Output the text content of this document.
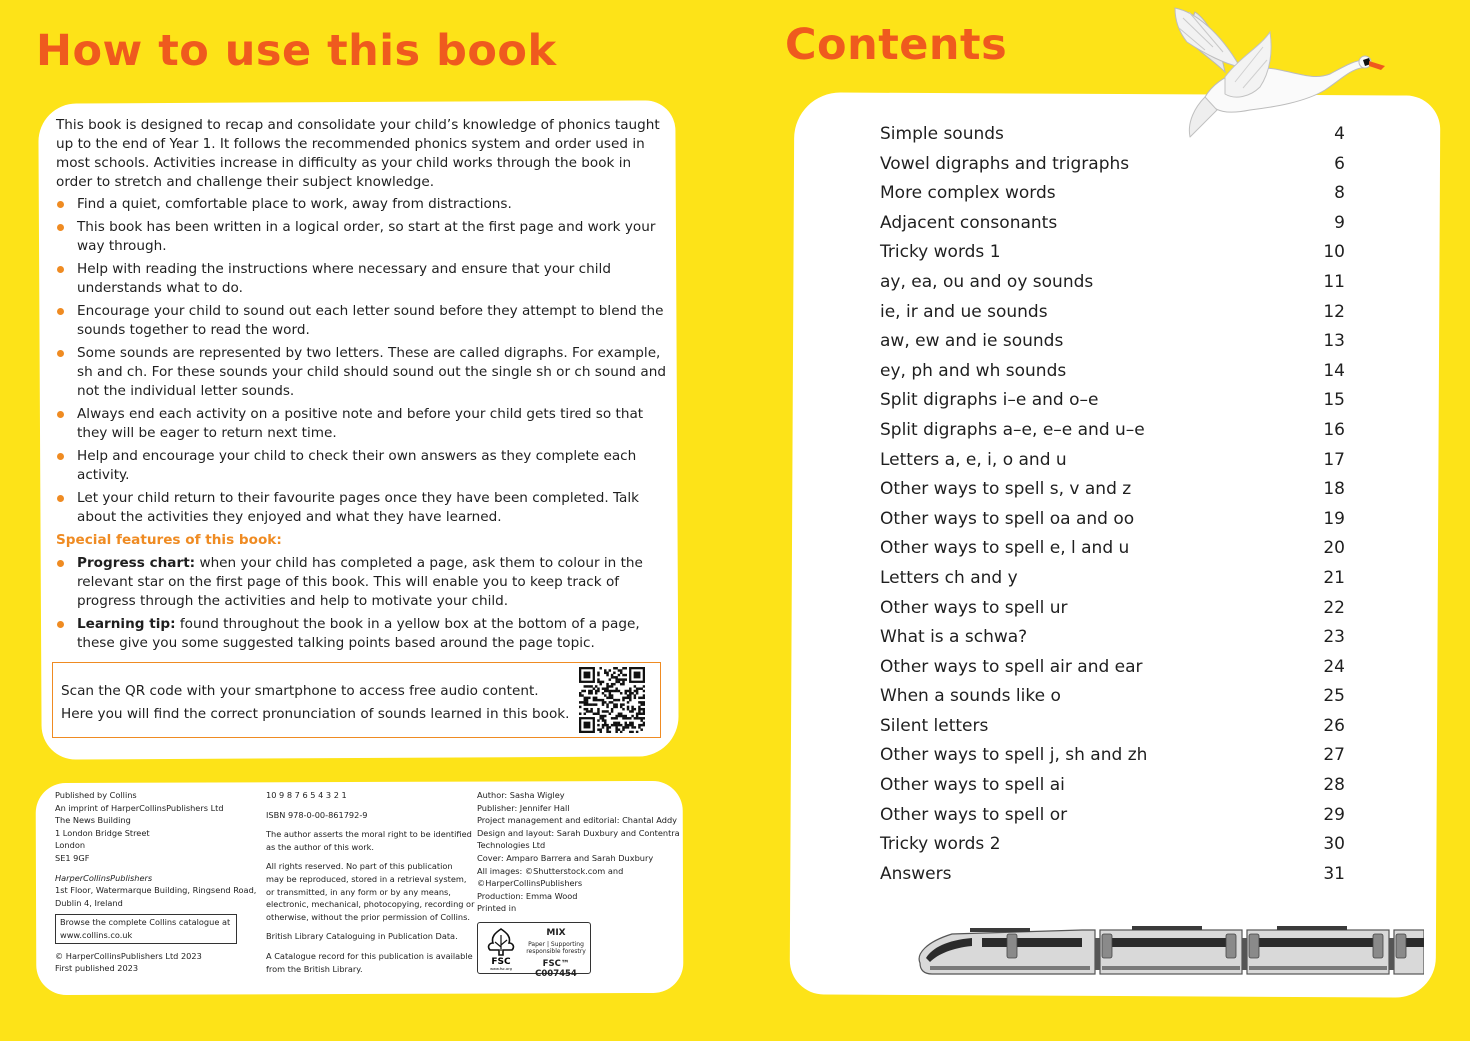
How to use this book	Contents

This book is designed to recap and consolidate your child’s knowledge of phonics taught up to the end of Year 1. It follows the recommended phonics system and order used in most schools. Activities increase in difficulty as your child works through the book in order to stretch and challenge their subject knowledge.

Find a quiet, comfortable place to work, away from distractions.
This book has been written in a logical order, so start at the first page and work your way through.
Help with reading the instructions where necessary and ensure that your child understands what to do.
Encourage your child to sound out each letter sound before they attempt to blend the sounds together to read the word.
Some sounds are represented by two letters. These are called digraphs. For example, sh and ch. For these sounds your child should sound out the single sh or ch sound and not the individual letter sounds.
Always end each activity on a positive note and before your child gets tired so that they will be eager to return next time.
Help and encourage your child to check their own answers as they complete each activity.
Let your child return to their favourite pages once they have been completed. Talk about the activities they enjoyed and what they have learned.
Special features of this book:
Progress chart: when your child has completed a page, ask them to colour in the relevant star on the first page of this book. This will enable you to keep track of progress through the activities and help to motivate your child.
Learning tip: found throughout the book in a yellow box at the bottom of a page, these give you some suggested talking points based around the page topic.
Scan the QR code with your smartphone to access free audio content.
Here you will find the correct pronunciation of sounds learned in this book.
Published by Collins
An imprint of HarperCollinsPublishers Ltd
The News Building
1 London Bridge Street
London
SE1 9GF
HarperCollinsPublishers
1st Floor, Watermarque Building, Ringsend Road,
Dublin 4, Ireland
Browse the complete Collins catalogue at www.collins.co.uk
© HarperCollinsPublishers Ltd 2023
First published 2023
10 9 8 7 6 5 4 3 2 1
ISBN 978-0-00-861792-9
The author asserts the moral right to be identified
as the author of this work.
All rights reserved. No part of this publication
may be reproduced, stored in a retrieval system,
or transmitted, in any form or by any means,
electronic, mechanical, photocopying, recording or
otherwise, without the prior permission of Collins.
British Library Cataloguing in Publication Data.
A Catalogue record for this publication is available
from the British Library.
Author: Sasha Wigley
Publisher: Jennifer Hall
Project management and editorial: Chantal Addy
Design and layout: Sarah Duxbury and Contentra
Technologies Ltd
Cover: Amparo Barrera and Sarah Duxbury
All images: ©Shutterstock.com and
©HarperCollinsPublishers
Production: Emma Wood
Printed in
FSC
www.fsc.org
MIX
Paper | Supporting responsible forestry
FSC™ C007454
Simple sounds	4
Vowel digraphs and trigraphs	6
More complex words	8
Adjacent consonants	9
Tricky words 1	10
ay, ea, ou and oy sounds	11
ie, ir and ue sounds	12
aw, ew and ie sounds	13
ey, ph and wh sounds	14
Split digraphs i–e and o–e	15
Split digraphs a–e, e–e and u–e	16
Letters a, e, i, o and u	17
Other ways to spell s, v and z	18
Other ways to spell oa and oo	19
Other ways to spell e, l and u	20
Letters ch and y	21
Other ways to spell ur	22
What is a schwa?	23
Other ways to spell air and ear	24
When a sounds like o	25
Silent letters	26
Other ways to spell j, sh and zh	27
Other ways to spell ai	28
Other ways to spell or	29
Tricky words 2	30
Answers	31
